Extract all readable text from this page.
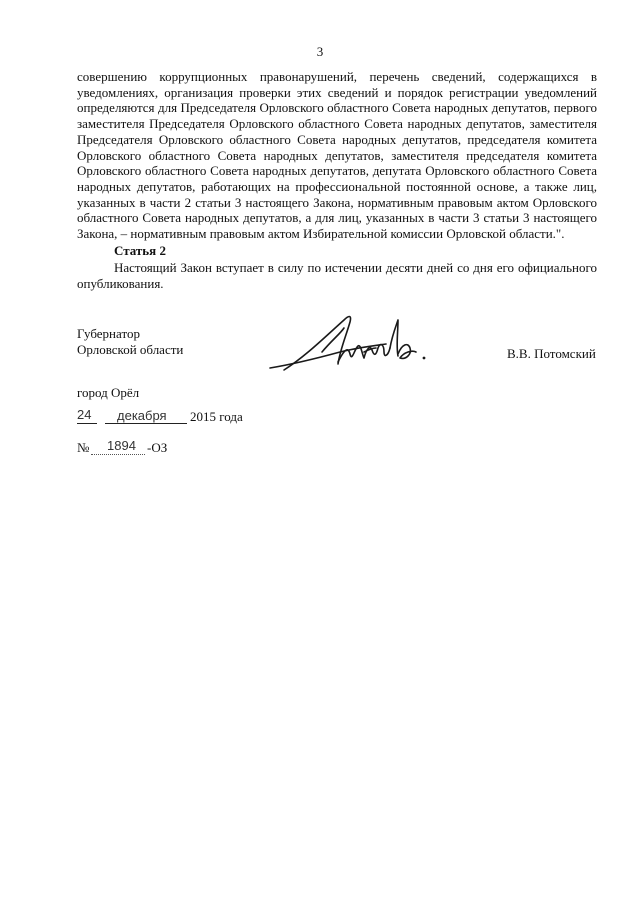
3

совершению коррупционных правонарушений, перечень сведений, содержащихся в уведомлениях, организация проверки этих сведений и порядок регистрации уведомлений определяются для Председателя Орловского областного Совета народных депутатов, первого заместителя Председателя Орловского областного Совета народных депутатов, заместителя Председателя Орловского областного Совета народных депутатов, председателя комитета Орловского областного Совета народных депутатов, заместителя председателя комитета Орловского областного Совета народных депутатов, депутата Орловского областного Совета народных депутатов, работающих на профессиональной постоянной основе, а также лиц, указанных в части 2 статьи 3 настоящего Закона, нормативным правовым актом Орловского областного Совета народных депутатов, а для лиц, указанных в части 3 статьи 3 настоящего Закона, – нормативным правовым актом Избирательной комиссии Орловской области.".

Статья 2

Настоящий Закон вступает в силу по истечении десяти дней со дня его официального опубликования.

Губернатор
Орловской области	В.В. Потомский
город Орёл
24 декабря 2015 года
№ 1894 -ОЗ
